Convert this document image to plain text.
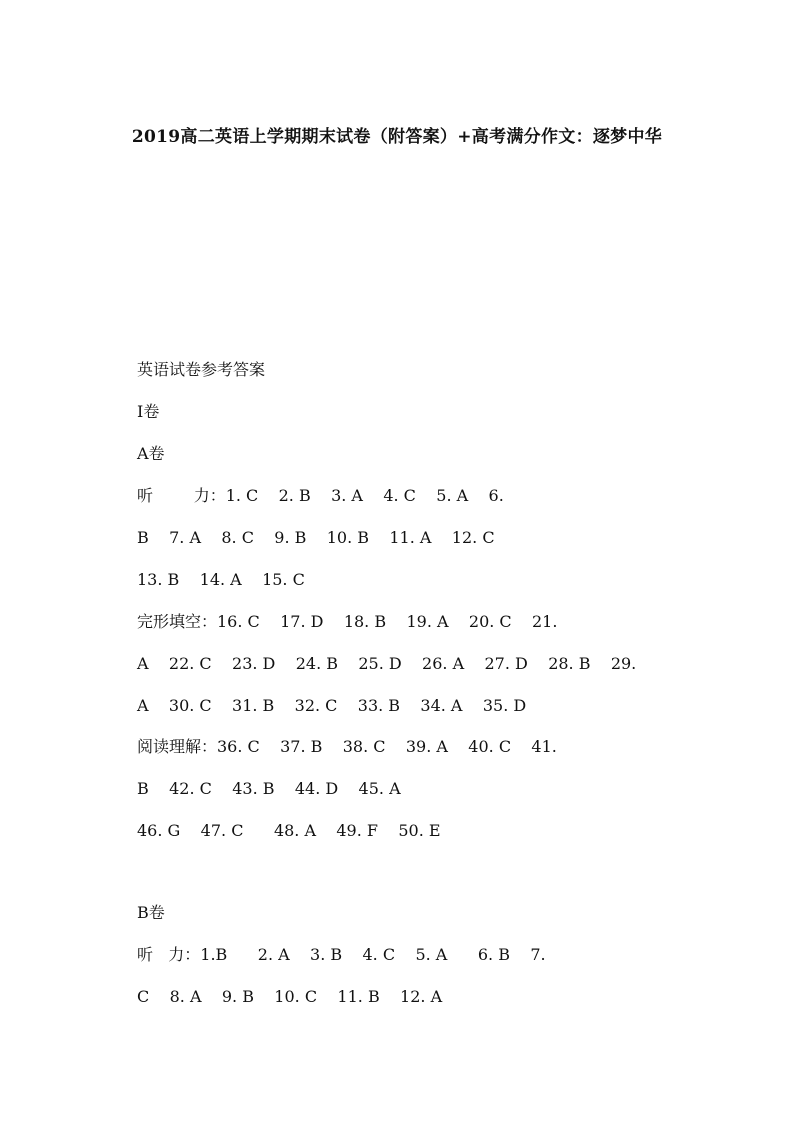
2019高二英语上学期期末试卷（附答案）+高考满分作文：逐梦中华

英语试卷参考答案

I卷

A卷

听        力：1. C    2. B    3. A    4. C    5. A    6.

B    7. A    8. C    9. B    10. B    11. A    12. C

13. B    14. A    15. C

完形填空：16. C    17. D    18. B    19. A    20. C    21.

A    22. C    23. D    24. B    25. D    26. A    27. D    28. B    29.

A    30. C    31. B    32. C    33. B    34. A    35. D

阅读理解：36. C    37. B    38. C    39. A    40. C    41.

B    42. C    43. B    44. D    45. A

46. G    47. C      48. A    49. F    50. E

B卷

听   力：1.B      2. A    3. B    4. C    5. A      6. B    7.

C    8. A    9. B    10. C    11. B    12. A
